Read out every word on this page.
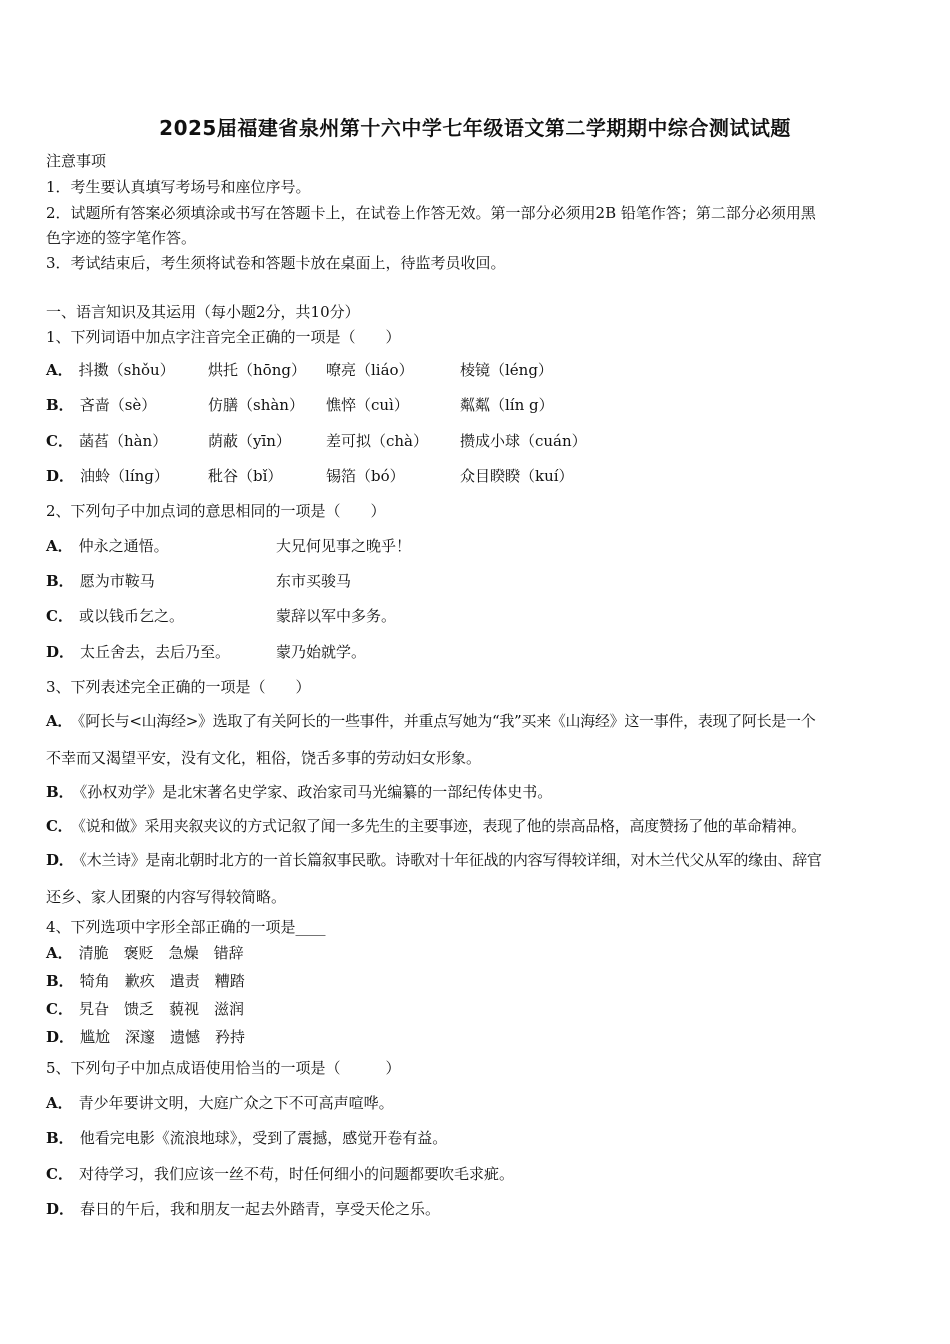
2025届福建省泉州第十六中学七年级语文第二学期期中综合测试试题
注意事项
1．考生要认真填写考场号和座位序号。
2．试题所有答案必须填涂或书写在答题卡上，在试卷上作答无效。第一部分必须用2B 铅笔作答；第二部分必须用黑
色字迹的签字笔作答。
3．考试结束后，考生须将试卷和答题卡放在桌面上，待监考员收回。
一、语言知识及其运用（每小题2分，共10分）
1、下列词语中加点字注音完全正确的一项是（　　）
A． 抖擞（shǒu） 烘托（hōng） 嘹亮（liáo）	棱镜（léng）
B． 吝啬（sè）	仿膳（shàn） 憔悴（cuì）	粼粼（lín g）
C． 菡萏（hàn）	荫蔽（yīn） 差可拟（chà） 攒成小球（cuán）
D． 油蛉（línɡ）	秕谷（bǐ）	锡箔（bó）	众目睽睽（kuí）
2、下列句子中加点词的意思相同的一项是（　　）
A． 仲永之通悟。	大兄何见事之晚乎！
B． 愿为市鞍马	东市买骏马
C． 或以钱币乞之。	蒙辞以军中多务。
D． 太丘舍去，去后乃至。	蒙乃始就学。
3、下列表述完全正确的一项是（　　）
A． 《阿长与<山海经>》选取了有关阿长的一些事件，并重点写她为“我”买来《山海经》这一事件，表现了阿长是一个
不幸而又渴望平安，没有文化，粗俗，饶舌多事的劳动妇女形象。
B． 《孙权劝学》是北宋著名史学家、政治家司马光编纂的一部纪传体史书。
C． 《说和做》采用夹叙夹议的方式记叙了闻一多先生的主要事迹，表现了他的崇高品格，高度赞扬了他的革命精神。
D． 《木兰诗》是南北朝时北方的一首长篇叙事民歌。诗歌对十年征战的内容写得较详细，对木兰代父从军的缘由、辞官
还乡、家人团聚的内容写得较简略。
4、下列选项中字形全部正确的一项是____
A． 清脆　褒贬　急燥　错辞
B． 犄角　歉疚　遣责　糟踏
C． 旯旮　馈乏　藐视　滋润
D． 尴尬　深邃　遗憾　矜持
5、下列句子中加点成语使用恰当的一项是（　　　）
A． 青少年要讲文明，大庭广众之下不可高声喧哗。
B． 他看完电影《流浪地球》，受到了震撼，感觉开卷有益。
C． 对待学习，我们应该一丝不苟，时任何细小的问题都要吹毛求疵。
D． 春日的午后，我和朋友一起去外踏青，享受天伦之乐。
